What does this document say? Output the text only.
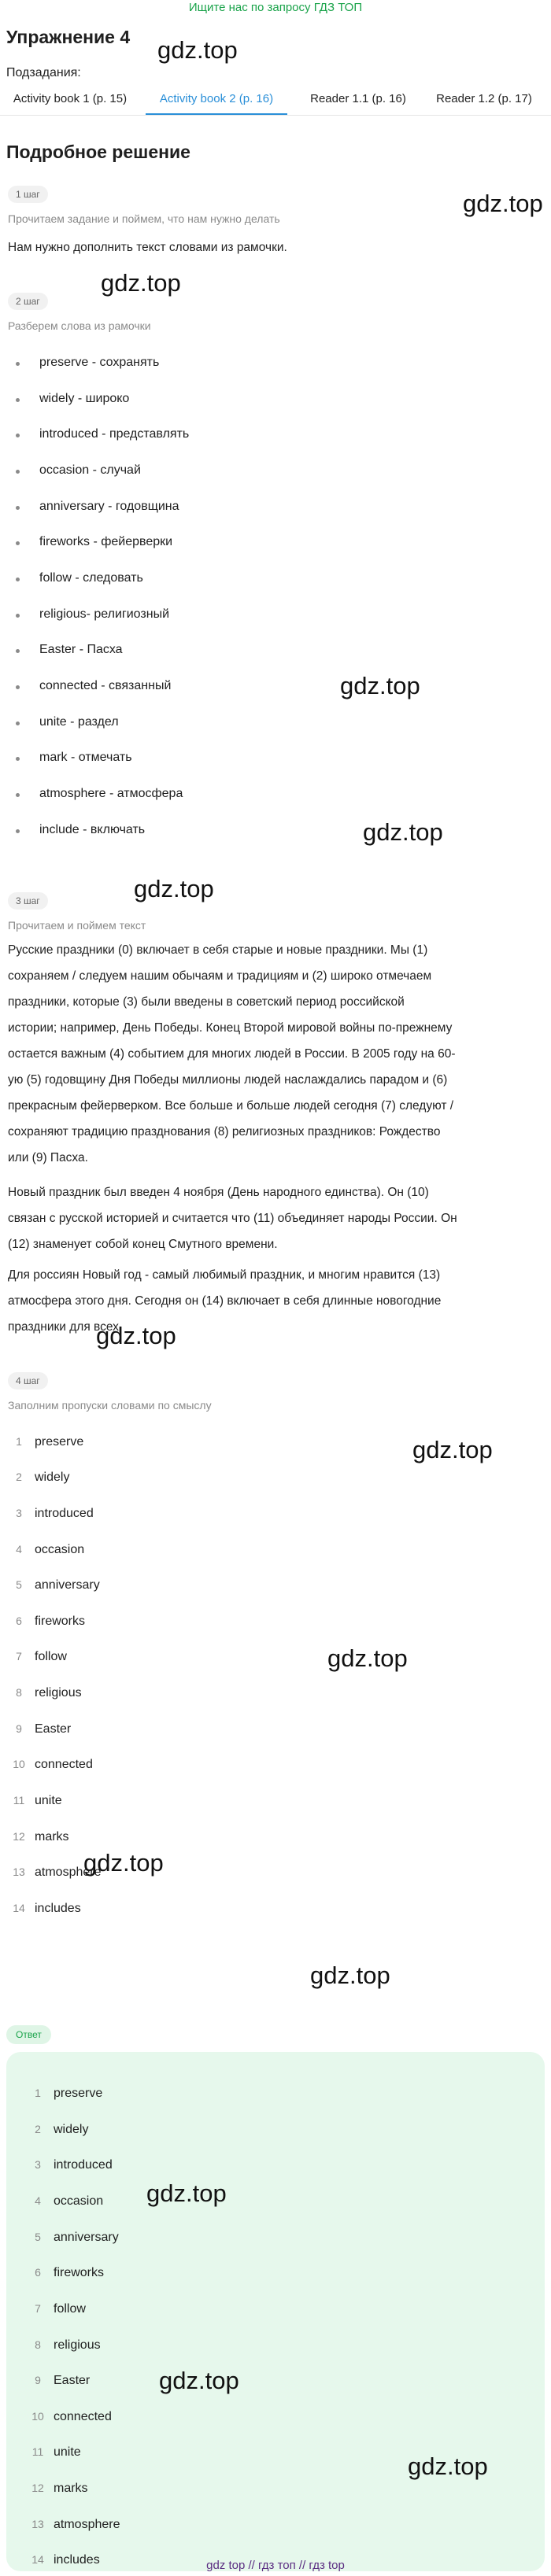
Ищите нас по запросу ГДЗ ТОП
Упражнение 4
Подзадания:
Activity book 1 (p. 15)	Activity book 2 (p. 16)	Reader 1.1 (p. 16)	Reader 1.2 (p. 17)
Подробное решение
1 шаг
Прочитаем задание и поймем, что нам нужно делать
Нам нужно дополнить текст словами из рамочки.
2 шаг
Разберем слова из рамочки
preserve - сохранять
widely - широко
introduced - представлять
occasion - случай
anniversary - годовщина
fireworks - фейерверки
follow - следовать
religious- религиозный
Easter - Пасха
connected - связанный
unite - раздел
mark - отмечать
atmosphere - атмосфера
include - включать
3 шаг
Прочитаем и поймем текст
Русские праздники (0) включает в себя старые и новые праздники. Мы (1)
сохраняем / следуем нашим обычаям и традициям и (2) широко отмечаем
праздники, которые (3) были введены в советский период российской
истории; например, День Победы. Конец Второй мировой войны по-прежнему
остается важным (4) событием для многих людей в России. В 2005 году на 60-
ую (5) годовщину Дня Победы миллионы людей наслаждались парадом и (6)
прекрасным фейерверком. Все больше и больше людей сегодня (7) следуют /
сохраняют традицию празднования (8) религиозных праздников: Рождество
или (9) Пасха.
Новый праздник был введен 4 ноября (День народного единства). Он (10)
связан с русской историей и считается что (11) объединяет народы России. Он
(12) знаменует собой конец Смутного времени.
Для россиян Новый год - самый любимый праздник, и многим нравится (13)
атмосфера этого дня. Сегодня он (14) включает в себя длинные новогодние
праздники для всех.
4 шаг
Заполним пропуски словами по смыслу
1	preserve
2	widely
3	introduced
4	occasion
5	anniversary
6	fireworks
7	follow
8	religious
9	Easter
10 connected
11 unite
12 marks
13 atmosphere
14 includes
Ответ
1	preserve
2	widely
3	introduced
4	occasion
5	anniversary
6	fireworks
7	follow
8	religious
9	Easter
10 connected
11 unite
12 marks
13 atmosphere
14 includes
gdz.top
gdz.top
gdz.top
gdz.top
gdz.top
gdz.top
gdz.top
gdz.top
gdz.top
gdz.top
gdz.top
gdz.top
gdz.top
gdz.top
gdz top // гдз топ // гдз top
